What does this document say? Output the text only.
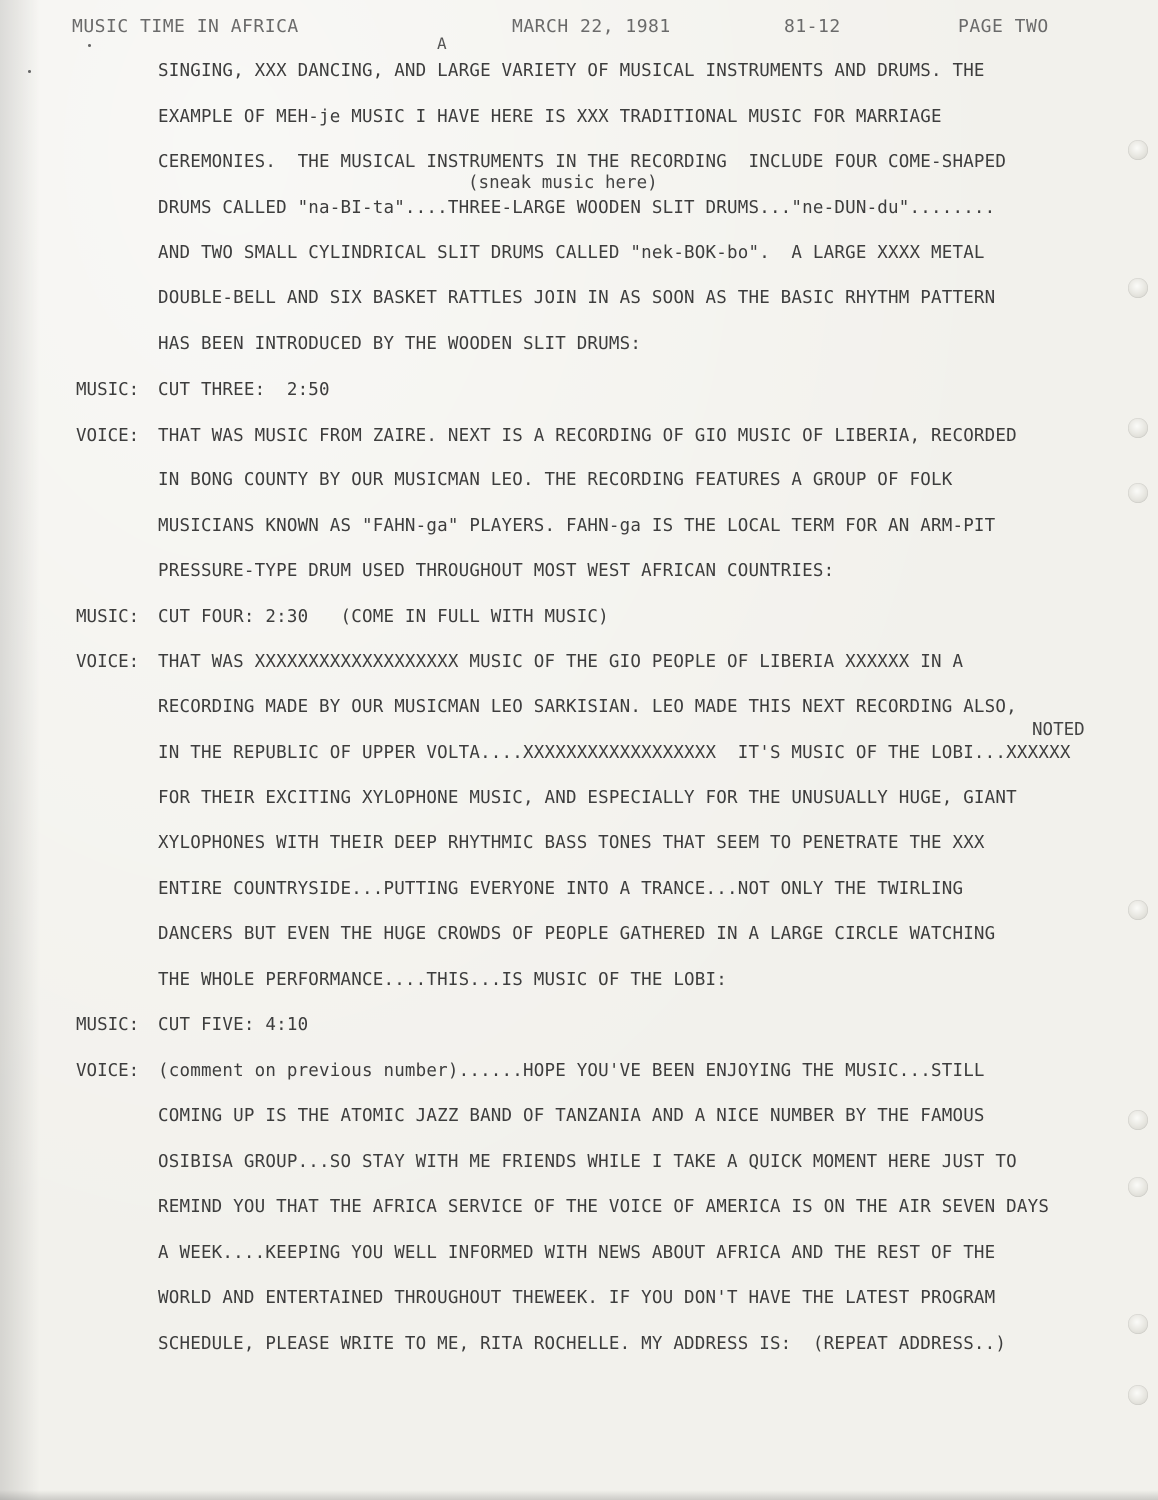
MUSIC TIME IN AFRICA	MARCH 22, 1981	81-12	PAGE TWO
A
(sneak music here)
NOTED
SINGING, XXX DANCING, AND LARGE VARIETY OF MUSICAL INSTRUMENTS AND DRUMS. THE
EXAMPLE OF MEH-je MUSIC I HAVE HERE IS XXX TRADITIONAL MUSIC FOR MARRIAGE
CEREMONIES.  THE MUSICAL INSTRUMENTS IN THE RECORDING  INCLUDE FOUR COME-SHAPED
DRUMS CALLED "na-BI-ta"....THREE-LARGE WOODEN SLIT DRUMS..."ne-DUN-du"........
AND TWO SMALL CYLINDRICAL SLIT DRUMS CALLED "nek-BOK-bo".  A LARGE XXXX METAL
DOUBLE-BELL AND SIX BASKET RATTLES JOIN IN AS SOON AS THE BASIC RHYTHM PATTERN
HAS BEEN INTRODUCED BY THE WOODEN SLIT DRUMS:
MUSIC: CUT THREE:  2:50
VOICE: THAT WAS MUSIC FROM ZAIRE. NEXT IS A RECORDING OF GIO MUSIC OF LIBERIA, RECORDED
IN BONG COUNTY BY OUR MUSICMAN LEO. THE RECORDING FEATURES A GROUP OF FOLK
MUSICIANS KNOWN AS "FAHN-ga" PLAYERS. FAHN-ga IS THE LOCAL TERM FOR AN ARM-PIT
PRESSURE-TYPE DRUM USED THROUGHOUT MOST WEST AFRICAN COUNTRIES:
MUSIC: CUT FOUR: 2:30   (COME IN FULL WITH MUSIC)
VOICE: THAT WAS XXXXXXXXXXXXXXXXXXX MUSIC OF THE GIO PEOPLE OF LIBERIA XXXXXX IN A
RECORDING MADE BY OUR MUSICMAN LEO SARKISIAN. LEO MADE THIS NEXT RECORDING ALSO,
IN THE REPUBLIC OF UPPER VOLTA....XXXXXXXXXXXXXXXXXX  IT'S MUSIC OF THE LOBI...XXXXXX
FOR THEIR EXCITING XYLOPHONE MUSIC, AND ESPECIALLY FOR THE UNUSUALLY HUGE, GIANT
XYLOPHONES WITH THEIR DEEP RHYTHMIC BASS TONES THAT SEEM TO PENETRATE THE XXX
ENTIRE COUNTRYSIDE...PUTTING EVERYONE INTO A TRANCE...NOT ONLY THE TWIRLING
DANCERS BUT EVEN THE HUGE CROWDS OF PEOPLE GATHERED IN A LARGE CIRCLE WATCHING
THE WHOLE PERFORMANCE....THIS...IS MUSIC OF THE LOBI:
MUSIC: CUT FIVE: 4:10
VOICE: (comment on previous number)......HOPE YOU'VE BEEN ENJOYING THE MUSIC...STILL
COMING UP IS THE ATOMIC JAZZ BAND OF TANZANIA AND A NICE NUMBER BY THE FAMOUS
OSIBISA GROUP...SO STAY WITH ME FRIENDS WHILE I TAKE A QUICK MOMENT HERE JUST TO
REMIND YOU THAT THE AFRICA SERVICE OF THE VOICE OF AMERICA IS ON THE AIR SEVEN DAYS
A WEEK....KEEPING YOU WELL INFORMED WITH NEWS ABOUT AFRICA AND THE REST OF THE
WORLD AND ENTERTAINED THROUGHOUT THEWEEK. IF YOU DON'T HAVE THE LATEST PROGRAM
SCHEDULE, PLEASE WRITE TO ME, RITA ROCHELLE. MY ADDRESS IS:  (REPEAT ADDRESS..)
